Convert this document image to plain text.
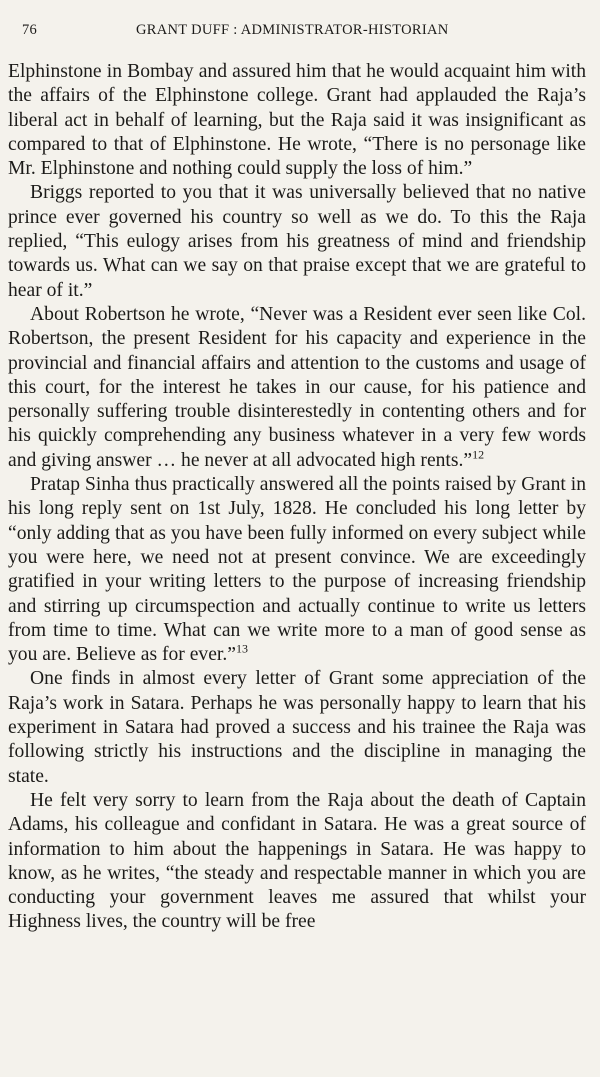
76	GRANT DUFF : ADMINISTRATOR-HISTORIAN

Elphinstone in Bombay and assured him that he would acquaint him with the affairs of the Elphinstone college. Grant had applauded the Raja’s liberal act in behalf of learning, but the Raja said it was insignificant as compared to that of Elphinstone. He wrote, “There is no personage like Mr. Elphinstone and nothing could supply the loss of him.”

Briggs reported to you that it was universally believed that no native prince ever governed his country so well as we do. To this the Raja replied, “This eulogy arises from his greatness of mind and friendship towards us. What can we say on that praise except that we are grateful to hear of it.”

About Robertson he wrote, “Never was a Resident ever seen like Col. Robertson, the present Resident for his capacity and experience in the provincial and financial affairs and attention to the customs and usage of this court, for the interest he takes in our cause, for his patience and personally suffering trouble disinterestedly in contenting others and for his quickly comprehending any business whatever in a very few words and giving answer … he never at all advocated high rents.”$^{12}$

Pratap Sinha thus practically answered all the points raised by Grant in his long reply sent on 1st July, 1828. He concluded his long letter by “only adding that as you have been fully informed on every subject while you were here, we need not at present convince. We are exceedingly gratified in your writing letters to the purpose of increasing friendship and stirring up circumspection and actually continue to write us letters from time to time. What can we write more to a man of good sense as you are. Believe as for ever.”$^{13}$

One finds in almost every letter of Grant some appreciation of the Raja’s work in Satara. Perhaps he was personally happy to learn that his experiment in Satara had proved a success and his trainee the Raja was following strictly his instructions and the discipline in managing the state.

He felt very sorry to learn from the Raja about the death of Captain Adams, his colleague and confidant in Satara. He was a great source of information to him about the happenings in Satara. He was happy to know, as he writes, “the steady and respectable manner in which you are conducting your government leaves me assured that whilst your Highness lives, the country will be free
